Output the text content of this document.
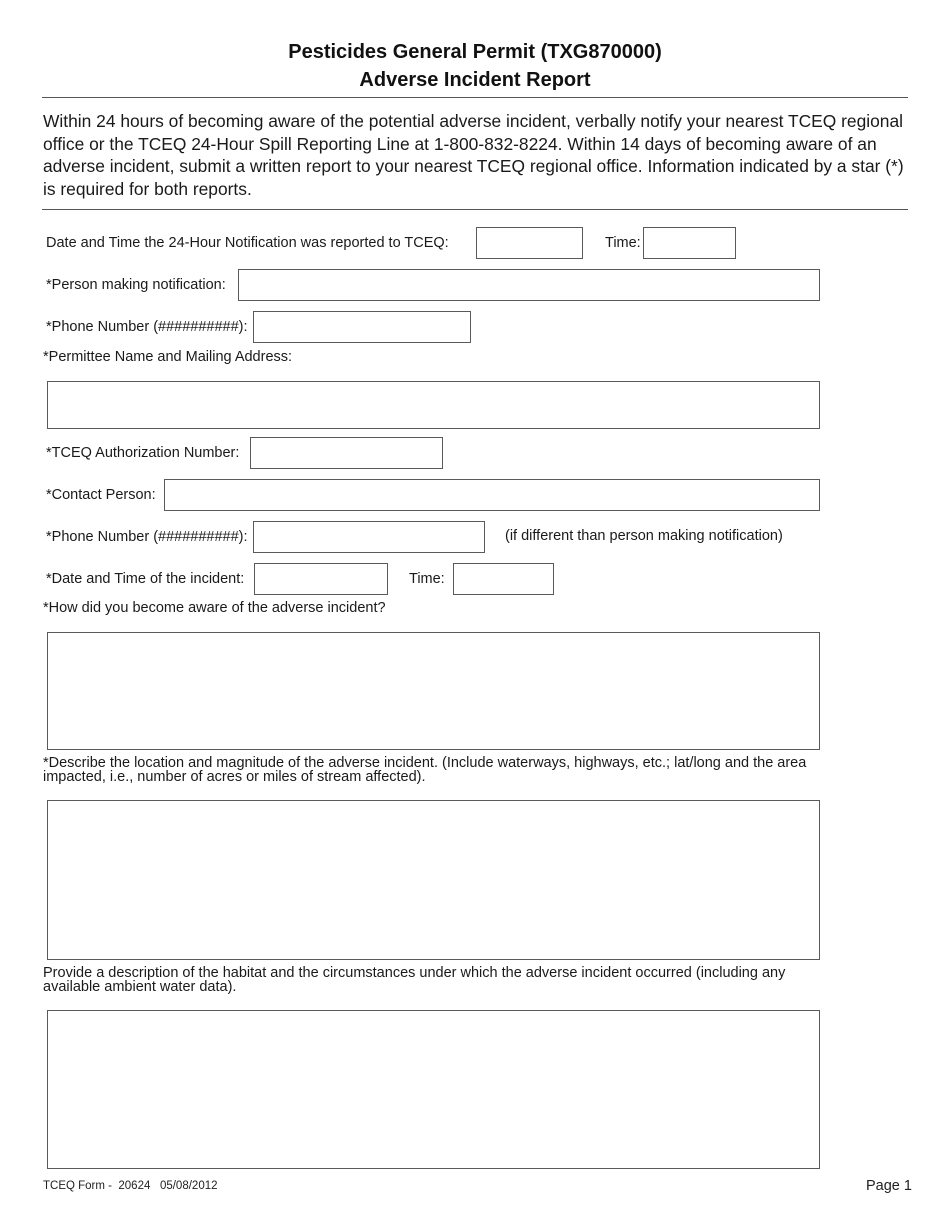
Pesticides General Permit (TXG870000)
Adverse Incident Report
Within 24 hours of becoming aware of the potential adverse incident, verbally notify your nearest TCEQ regional office or the TCEQ 24-Hour Spill Reporting Line at 1-800-832-8224. Within 14 days of becoming aware of an adverse incident, submit a written report to your nearest TCEQ regional office. Information indicated by a star (*) is required for both reports.
Date and Time the 24-Hour Notification was reported to TCEQ:	Time:
*Person making notification:
*Phone Number (##########):
*Permittee Name and Mailing Address:
*TCEQ Authorization Number:
*Contact Person:
*Phone Number (##########):	(if different than person making notification)
*Date and Time of the incident:	Time:
*How did you become aware of the adverse incident?
*Describe the location and magnitude of the adverse incident. (Include waterways, highways, etc.; lat/long and the area impacted, i.e., number of acres or miles of stream affected).
Provide a description of the habitat and the circumstances under which the adverse incident occurred (including any available ambient water data).
TCEQ Form -  20624   05/08/2012	Page 1
